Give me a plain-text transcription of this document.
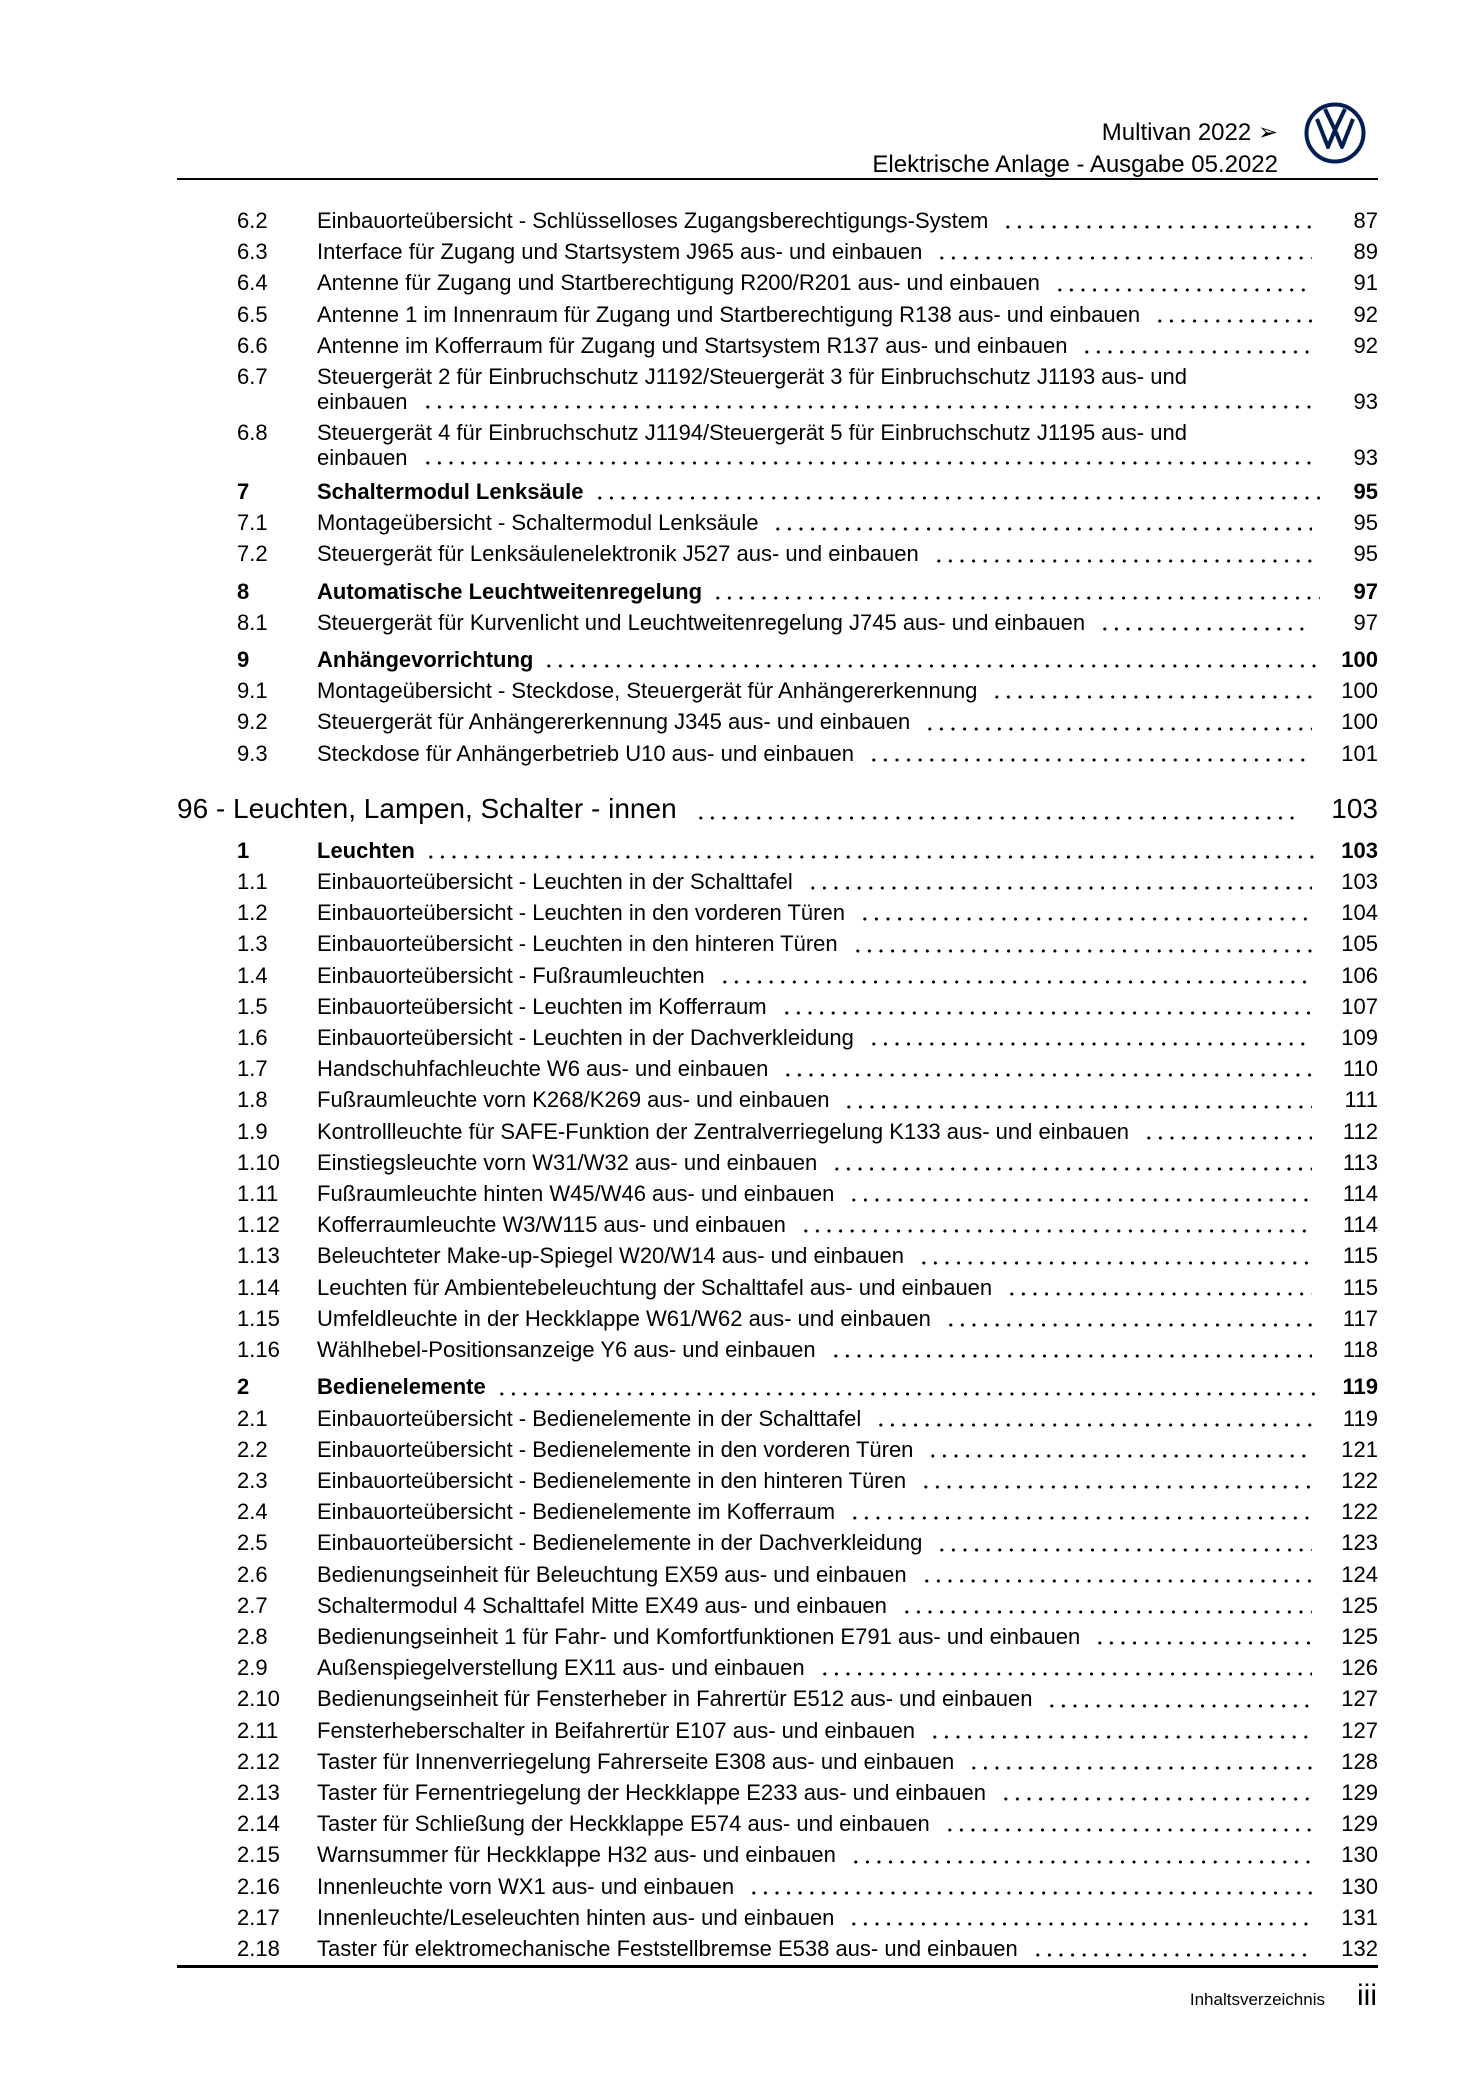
Multivan 2022 ➢
Elektrische Anlage - Ausgabe 05.2022
6.2	Einbauorteübersicht - Schlüsselloses Zugangsberechtigungs-System	87
6.3	Interface für Zugang und Startsystem J965 aus- und einbauen	89
6.4	Antenne für Zugang und Startberechtigung R200/R201 aus- und einbauen	91
6.5	Antenne 1 im Innenraum für Zugang und Startberechtigung R138 aus- und einbauen	92
6.6	Antenne im Kofferraum für Zugang und Startsystem R137 aus- und einbauen	92
6.7	Steuergerät 2 für Einbruchschutz J1192/Steuergerät 3 für Einbruchschutz J1193 aus- und
einbauen	93
6.8	Steuergerät 4 für Einbruchschutz J1194/Steuergerät 5 für Einbruchschutz J1195 aus- und
einbauen	93
7	Schaltermodul Lenksäule	95
7.1	Montageübersicht - Schaltermodul Lenksäule	95
7.2	Steuergerät für Lenksäulenelektronik J527 aus- und einbauen	95
8	Automatische Leuchtweitenregelung	97
8.1	Steuergerät für Kurvenlicht und Leuchtweitenregelung J745 aus- und einbauen	97
9	Anhängevorrichtung	100
9.1	Montageübersicht - Steckdose, Steuergerät für Anhängererkennung	100
9.2	Steuergerät für Anhängererkennung J345 aus- und einbauen	100
9.3	Steckdose für Anhängerbetrieb U10 aus- und einbauen	101
96 - Leuchten, Lampen, Schalter - innen	103
1	Leuchten	103
1.1	Einbauorteübersicht - Leuchten in der Schalttafel	103
1.2	Einbauorteübersicht - Leuchten in den vorderen Türen	104
1.3	Einbauorteübersicht - Leuchten in den hinteren Türen	105
1.4	Einbauorteübersicht - Fußraumleuchten	106
1.5	Einbauorteübersicht - Leuchten im Kofferraum	107
1.6	Einbauorteübersicht - Leuchten in der Dachverkleidung	109
1.7	Handschuhfachleuchte W6 aus- und einbauen	110
1.8	Fußraumleuchte vorn K268/K269 aus- und einbauen	111
1.9	Kontrollleuchte für SAFE-Funktion der Zentralverriegelung K133 aus- und einbauen	112
1.10	Einstiegsleuchte vorn W31/W32 aus- und einbauen	113
1.11	Fußraumleuchte hinten W45/W46 aus- und einbauen	114
1.12	Kofferraumleuchte W3/W115 aus- und einbauen	114
1.13	Beleuchteter Make-up-Spiegel W20/W14 aus- und einbauen	115
1.14	Leuchten für Ambientebeleuchtung der Schalttafel aus- und einbauen	115
1.15	Umfeldleuchte in der Heckklappe W61/W62 aus- und einbauen	117
1.16	Wählhebel-Positionsanzeige Y6 aus- und einbauen	118
2	Bedienelemente	119
2.1	Einbauorteübersicht - Bedienelemente in der Schalttafel	119
2.2	Einbauorteübersicht - Bedienelemente in den vorderen Türen	121
2.3	Einbauorteübersicht - Bedienelemente in den hinteren Türen	122
2.4	Einbauorteübersicht - Bedienelemente im Kofferraum	122
2.5	Einbauorteübersicht - Bedienelemente in der Dachverkleidung	123
2.6	Bedienungseinheit für Beleuchtung EX59 aus- und einbauen	124
2.7	Schaltermodul 4 Schalttafel Mitte EX49 aus- und einbauen	125
2.8	Bedienungseinheit 1 für Fahr- und Komfortfunktionen E791 aus- und einbauen	125
2.9	Außenspiegelverstellung EX11 aus- und einbauen	126
2.10	Bedienungseinheit für Fensterheber in Fahrertür E512 aus- und einbauen	127
2.11	Fensterheberschalter in Beifahrertür E107 aus- und einbauen	127
2.12	Taster für Innenverriegelung Fahrerseite E308 aus- und einbauen	128
2.13	Taster für Fernentriegelung der Heckklappe E233 aus- und einbauen	129
2.14	Taster für Schließung der Heckklappe E574 aus- und einbauen	129
2.15	Warnsummer für Heckklappe H32 aus- und einbauen	130
2.16	Innenleuchte vorn WX1 aus- und einbauen	130
2.17	Innenleuchte/Leseleuchten hinten aus- und einbauen	131
2.18	Taster für elektromechanische Feststellbremse E538 aus- und einbauen	132
Inhaltsverzeichnis iii
